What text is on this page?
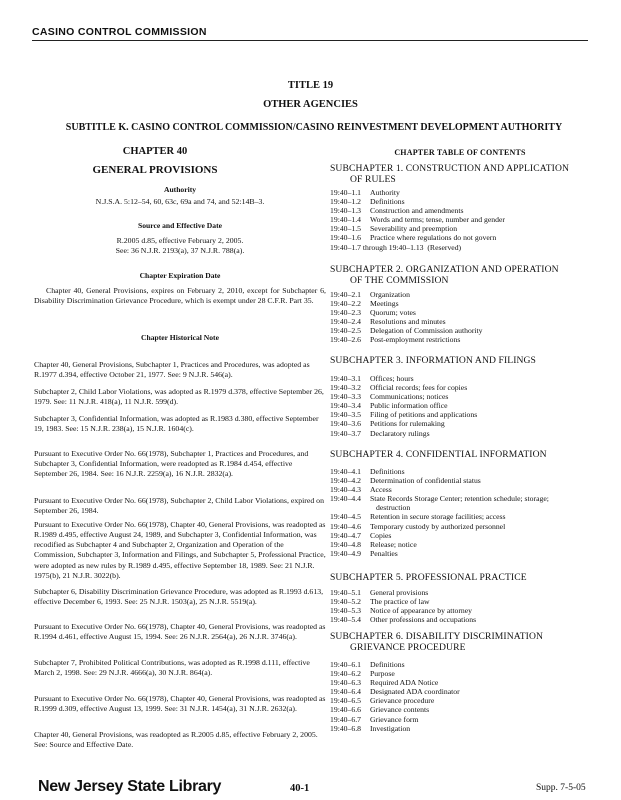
CASINO CONTROL COMMISSION
TITLE 19
OTHER AGENCIES
SUBTITLE K. CASINO CONTROL COMMISSION/CASINO REINVESTMENT DEVELOPMENT AUTHORITY
CHAPTER 40
GENERAL PROVISIONS
CHAPTER TABLE OF CONTENTS
Authority
N.J.S.A. 5:12–54, 60, 63c, 69a and 74, and 52:14B–3.
Source and Effective Date
R.2005 d.85, effective February 2, 2005.
See: 36 N.J.R. 2193(a), 37 N.J.R. 788(a).
Chapter Expiration Date

Chapter 40, General Provisions, expires on February 2, 2010, except for Subchapter 6, Disability Discrimination Grievance Procedure, which is exempt under 28 C.F.R. Part 35.

Chapter Historical Note

Chapter 40, General Provisions, Subchapter 1, Practices and Procedures, was adopted as R.1977 d.394, effective October 21, 1977. See: 9 N.J.R. 546(a).

Subchapter 2, Child Labor Violations, was adopted as R.1979 d.378, effective September 26, 1979. See: 11 N.J.R. 418(a), 11 N.J.R. 599(d).

Subchapter 3, Confidential Information, was adopted as R.1983 d.380, effective September 19, 1983. See: 15 N.J.R. 238(a), 15 N.J.R. 1604(c).

Pursuant to Executive Order No. 66(1978), Subchapter 1, Practices and Procedures, and Subchapter 3, Confidential Information, were readopted as R.1984 d.454, effective September 26, 1984. See: 16 N.J.R. 2259(a), 16 N.J.R. 2832(a).

Pursuant to Executive Order No. 66(1978), Subchapter 2, Child Labor Violations, expired on September 26, 1984.

Pursuant to Executive Order No. 66(1978), Chapter 40, General Provisions, was readopted as R.1989 d.495, effective August 24, 1989, and Subchapter 3, Confidential Information, was recodified as Subchapter 4 and Subchapter 2, Organization and Operation of the Commission, Subchapter 3, Information and Filings, and Subchapter 5, Professional Practice, were adopted as new rules by R.1989 d.495, effective September 18, 1989. See: 21 N.J.R. 1975(b), 21 N.J.R. 3022(b).

Subchapter 6, Disability Discrimination Grievance Procedure, was adopted as R.1993 d.613, effective December 6, 1993. See: 25 N.J.R. 1503(a), 25 N.J.R. 5519(a).

Pursuant to Executive Order No. 66(1978), Chapter 40, General Provisions, was readopted as R.1994 d.461, effective August 15, 1994. See: 26 N.J.R. 2564(a), 26 N.J.R. 3746(a).

Subchapter 7, Prohibited Political Contributions, was adopted as R.1998 d.111, effective March 2, 1998. See: 29 N.J.R. 4666(a), 30 N.J.R. 864(a).

Pursuant to Executive Order No. 66(1978), Chapter 40, General Provisions, was readopted as R.1999 d.309, effective August 13, 1999. See: 31 N.J.R. 1454(a), 31 N.J.R. 2632(a).

Chapter 40, General Provisions, was readopted as R.2005 d.85, effective February 2, 2005. See: Source and Effective Date.

SUBCHAPTER 1. CONSTRUCTION AND APPLICATION
OF RULES
19:40–1.1	Authority
19:40–1.2	Definitions
19:40–1.3	Construction and amendments
19:40–1.4	Words and terms; tense, number and gender
19:40–1.5	Severability and preemption
19:40–1.6	Practice where regulations do not govern
19:40–1.7 through 19:40–1.13
(Reserved)
SUBCHAPTER 2. ORGANIZATION AND OPERATION
OF THE COMMISSION
19:40–2.1	Organization
19:40–2.2	Meetings
19:40–2.3	Quorum; votes
19:40–2.4	Resolutions and minutes
19:40–2.5	Delegation of Commission authority
19:40–2.6	Post-employment restrictions
SUBCHAPTER 3. INFORMATION AND FILINGS
19:40–3.1	Offices; hours
19:40–3.2	Official records; fees for copies
19:40–3.3	Communications; notices
19:40–3.4	Public information office
19:40–3.5	Filing of petitions and applications
19:40–3.6	Petitions for rulemaking
19:40–3.7	Declaratory rulings
SUBCHAPTER 4. CONFIDENTIAL INFORMATION
19:40–4.1	Definitions
19:40–4.2	Determination of confidential status
19:40–4.3	Access
19:40–4.4	State Records Storage Center; retention schedule; storage;
destruction
19:40–4.5	Retention in secure storage facilities; access
19:40–4.6	Temporary custody by authorized personnel
19:40–4.7	Copies
19:40–4.8	Release; notice
19:40–4.9	Penalties
SUBCHAPTER 5. PROFESSIONAL PRACTICE
19:40–5.1	General provisions
19:40–5.2	The practice of law
19:40–5.3	Notice of appearance by attorney
19:40–5.4	Other professions and occupations
SUBCHAPTER 6. DISABILITY DISCRIMINATION
GRIEVANCE PROCEDURE
19:40–6.1	Definitions
19:40–6.2	Purpose
19:40–6.3	Required ADA Notice
19:40–6.4	Designated ADA coordinator
19:40–6.5	Grievance procedure
19:40–6.6	Grievance contents
19:40–6.7	Grievance form
19:40–6.8	Investigation
New Jersey State Library	40-1	Supp. 7-5-05
